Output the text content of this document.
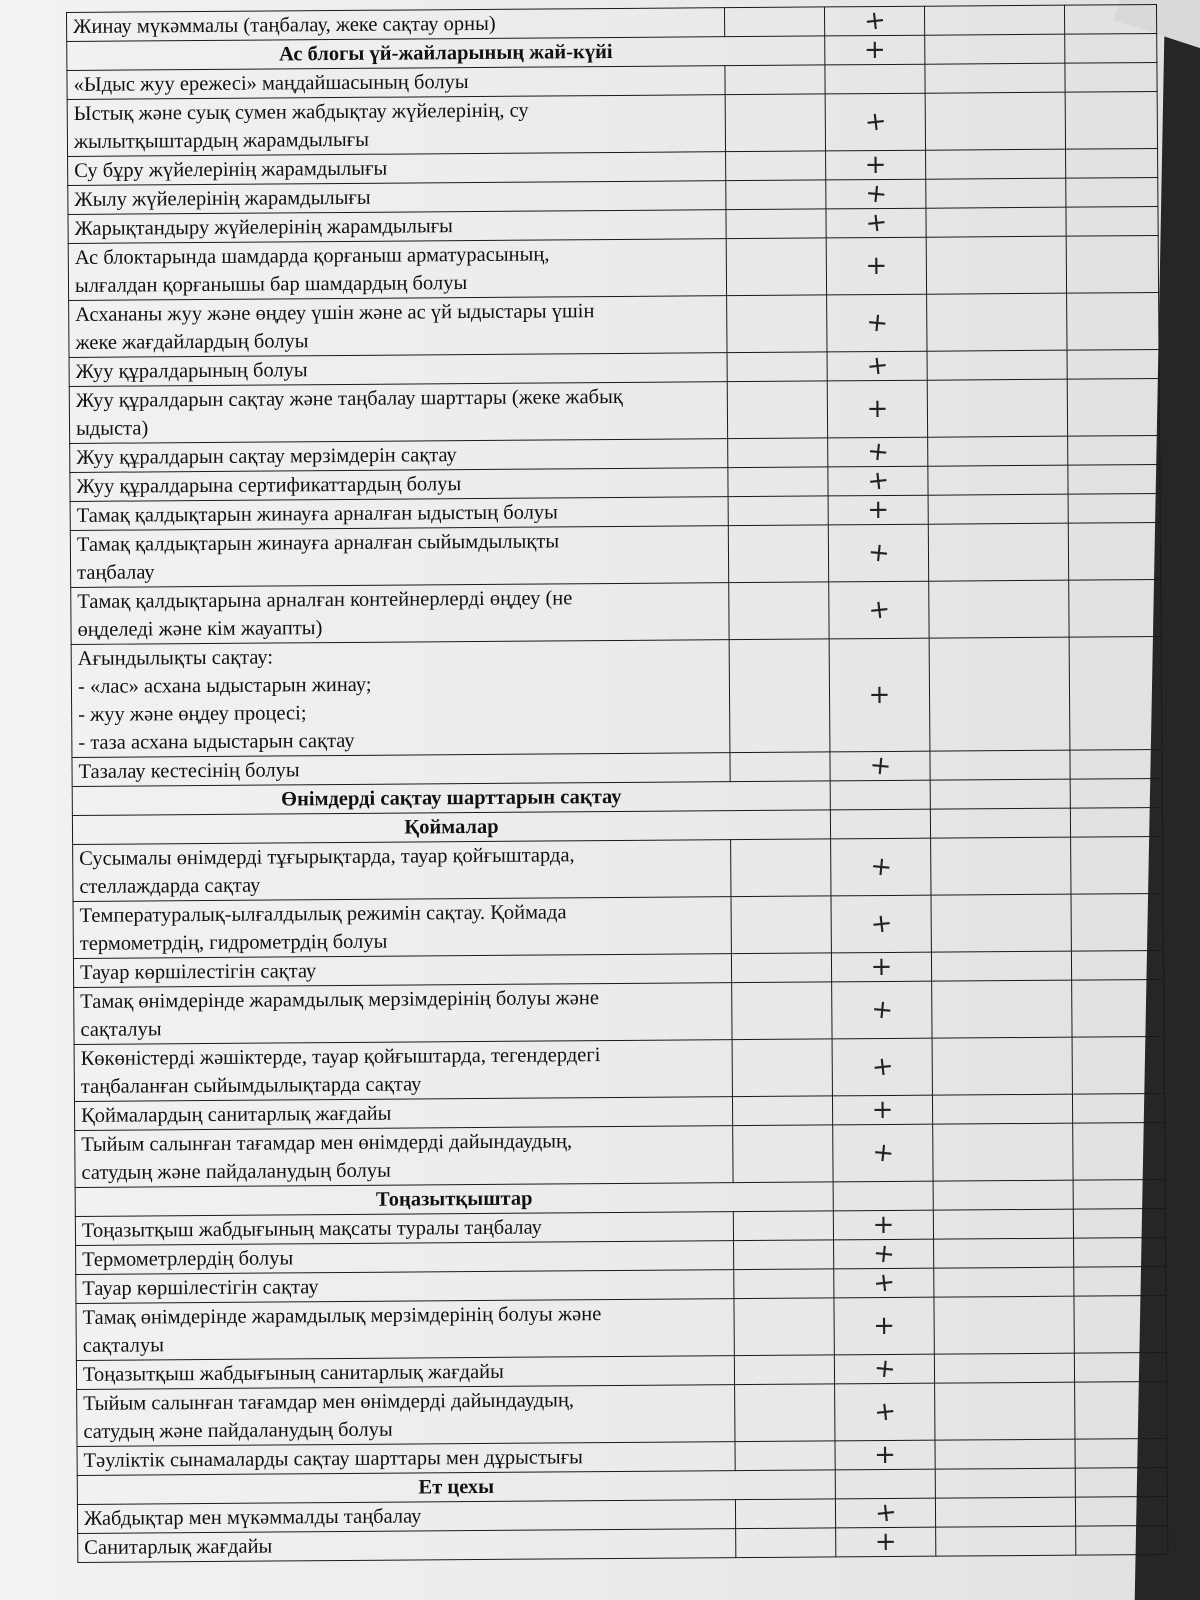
Жинау мүкәммалы (таңбалау, жеке сақтау орны)		+		
Ас блогы үй-жайларының жай-күйі		+		

«Ыдыс жуу ережесі» маңдайшасының болуы				

Ыстық және суық сумен жабдықтау жүйелерінің, су
жылытқыштардың жарамдылығы		+		

Су бұру жүйелерінің жарамдылығы		+		

Жылу жүйелерінің жарамдылығы		+		

Жарықтандыру жүйелерінің жарамдылығы		+		

Ас блоктарында шамдарда қорғаныш арматурасының,
ылғалдан қорғанышы бар шамдардың болуы		+		

Асхананы жуу және өңдеу үшін және ас үй ыдыстары үшін
жеке жағдайлардың болуы		+		

Жуу құралдарының болуы		+		

Жуу құралдарын сақтау және таңбалау шарттары (жеке жабық
ыдыста)		+		

Жуу құралдарын сақтау мерзімдерін сақтау		+		

Жуу құралдарына сертификаттардың болуы		+		

Тамақ қалдықтарын жинауға арналған ыдыстың болуы		+		

Тамақ қалдықтарын жинауға арналған сыйымдылықты
таңбалау		+		

Тамақ қалдықтарына арналған контейнерлерді өңдеу (не
өңделеді және кім жауапты)		+		

Ағындылықты сақтау:
- «лас» асхана ыдыстарын жинау;
- жуу және өңдеу процесі;
- таза асхана ыдыстарын сақтау		+		

Тазалау кестесінің болуы		+		
Өнімдерді сақтау шарттарын сақтау				
Қоймалар				

Сусымалы өнімдерді тұғырықтарда, тауар қойғыштарда,
стеллаждарда сақтау		+		

Температуралық-ылғалдылық режимін сақтау. Қоймада
термометрдің, гидрометрдің болуы		+		

Тауар көршілестігін сақтау		+		

Тамақ өнімдерінде жарамдылық мерзімдерінің болуы және
сақталуы		+		

Көкөністерді жәшіктерде, тауар қойғыштарда, тегендердегі
таңбаланған сыйымдылықтарда сақтау		+		

Қоймалардың санитарлық жағдайы		+		

Тыйым салынған тағамдар мен өнімдерді дайындаудың,
сатудың және пайдаланудың болуы		+		
Тоңазытқыштар				

Тоңазытқыш жабдығының мақсаты туралы таңбалау		+		

Термометрлердің болуы		+		

Тауар көршілестігін сақтау		+		

Тамақ өнімдерінде жарамдылық мерзімдерінің болуы және
сақталуы		+		

Тоңазытқыш жабдығының санитарлық жағдайы		+		

Тыйым салынған тағамдар мен өнімдерді дайындаудың,
сатудың және пайдаланудың болуы		+		

Тәуліктік сынамаларды сақтау шарттары мен дұрыстығы		+		
Ет цехы				

Жабдықтар мен мүкәммалды таңбалау		+		

Санитарлық жағдайы		+		
